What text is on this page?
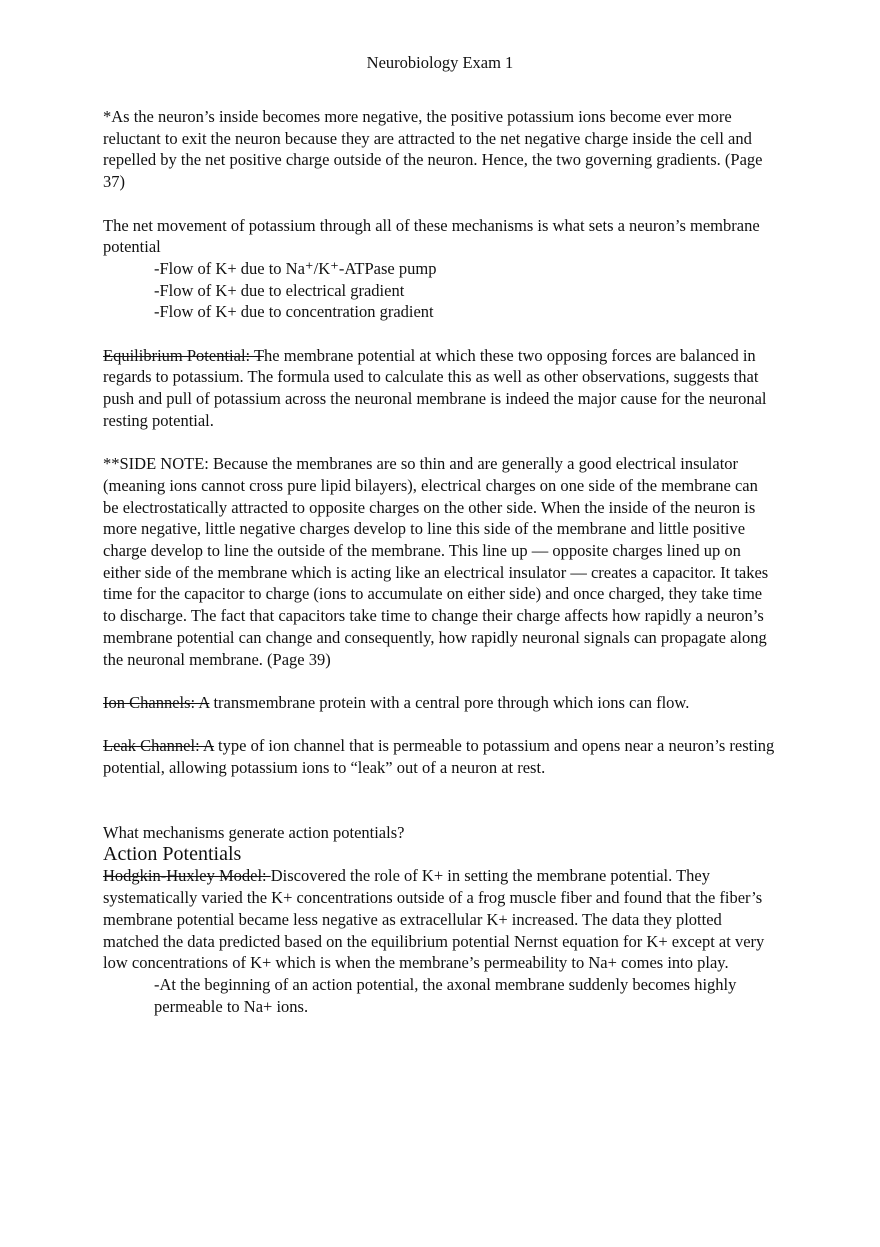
Neurobiology Exam 1

*As the neuron’s inside becomes more negative, the positive potassium ions become ever more reluctant to exit the neuron because they are attracted to the net negative charge inside the cell and repelled by the net positive charge outside of the neuron. Hence, the two governing gradients. (Page 37)

The net movement of potassium through all of these mechanisms is what sets a neuron’s membrane potential

-Flow of K+ due to Na⁺/K⁺-ATPase pump

-Flow of K+ due to electrical gradient

-Flow of K+ due to concentration gradient

Equilibrium Potential: The membrane potential at which these two opposing forces are balanced in regards to potassium. The formula used to calculate this as well as other observations, suggests that push and pull of potassium across the neuronal membrane is indeed the major cause for the neuronal resting potential.

**SIDE NOTE: Because the membranes are so thin and are generally a good electrical insulator (meaning ions cannot cross pure lipid bilayers), electrical charges on one side of the membrane can be electrostatically attracted to opposite charges on the other side. When the inside of the neuron is more negative, little negative charges develop to line this side of the membrane and little positive charge develop to line the outside of the membrane. This line up — opposite charges lined up on either side of the membrane which is acting like an electrical insulator — creates a capacitor. It takes time for the capacitor to charge (ions to accumulate on either side) and once charged, they take time to discharge. The fact that capacitors take time to change their charge affects how rapidly a neuron’s membrane potential can change and consequently, how rapidly neuronal signals can propagate along the neuronal membrane. (Page 39)

Ion Channels: A transmembrane protein with a central pore through which ions can flow.

Leak Channel: A type of ion channel that is permeable to potassium and opens near a neuron’s resting potential, allowing potassium ions to “leak” out of a neuron at rest.

What mechanisms generate action potentials?

Action Potentials

Hodgkin-Huxley Model: Discovered the role of K+ in setting the membrane potential. They systematically varied the K+ concentrations outside of a frog muscle fiber and found that the fiber’s membrane potential became less negative as extracellular K+ increased. The data they plotted matched the data predicted based on the equilibrium potential Nernst equation for K+ except at very low concentrations of K+ which is when the membrane’s permeability to Na+ comes into play.

-At the beginning of an action potential, the axonal membrane suddenly becomes highly permeable to Na+ ions.
